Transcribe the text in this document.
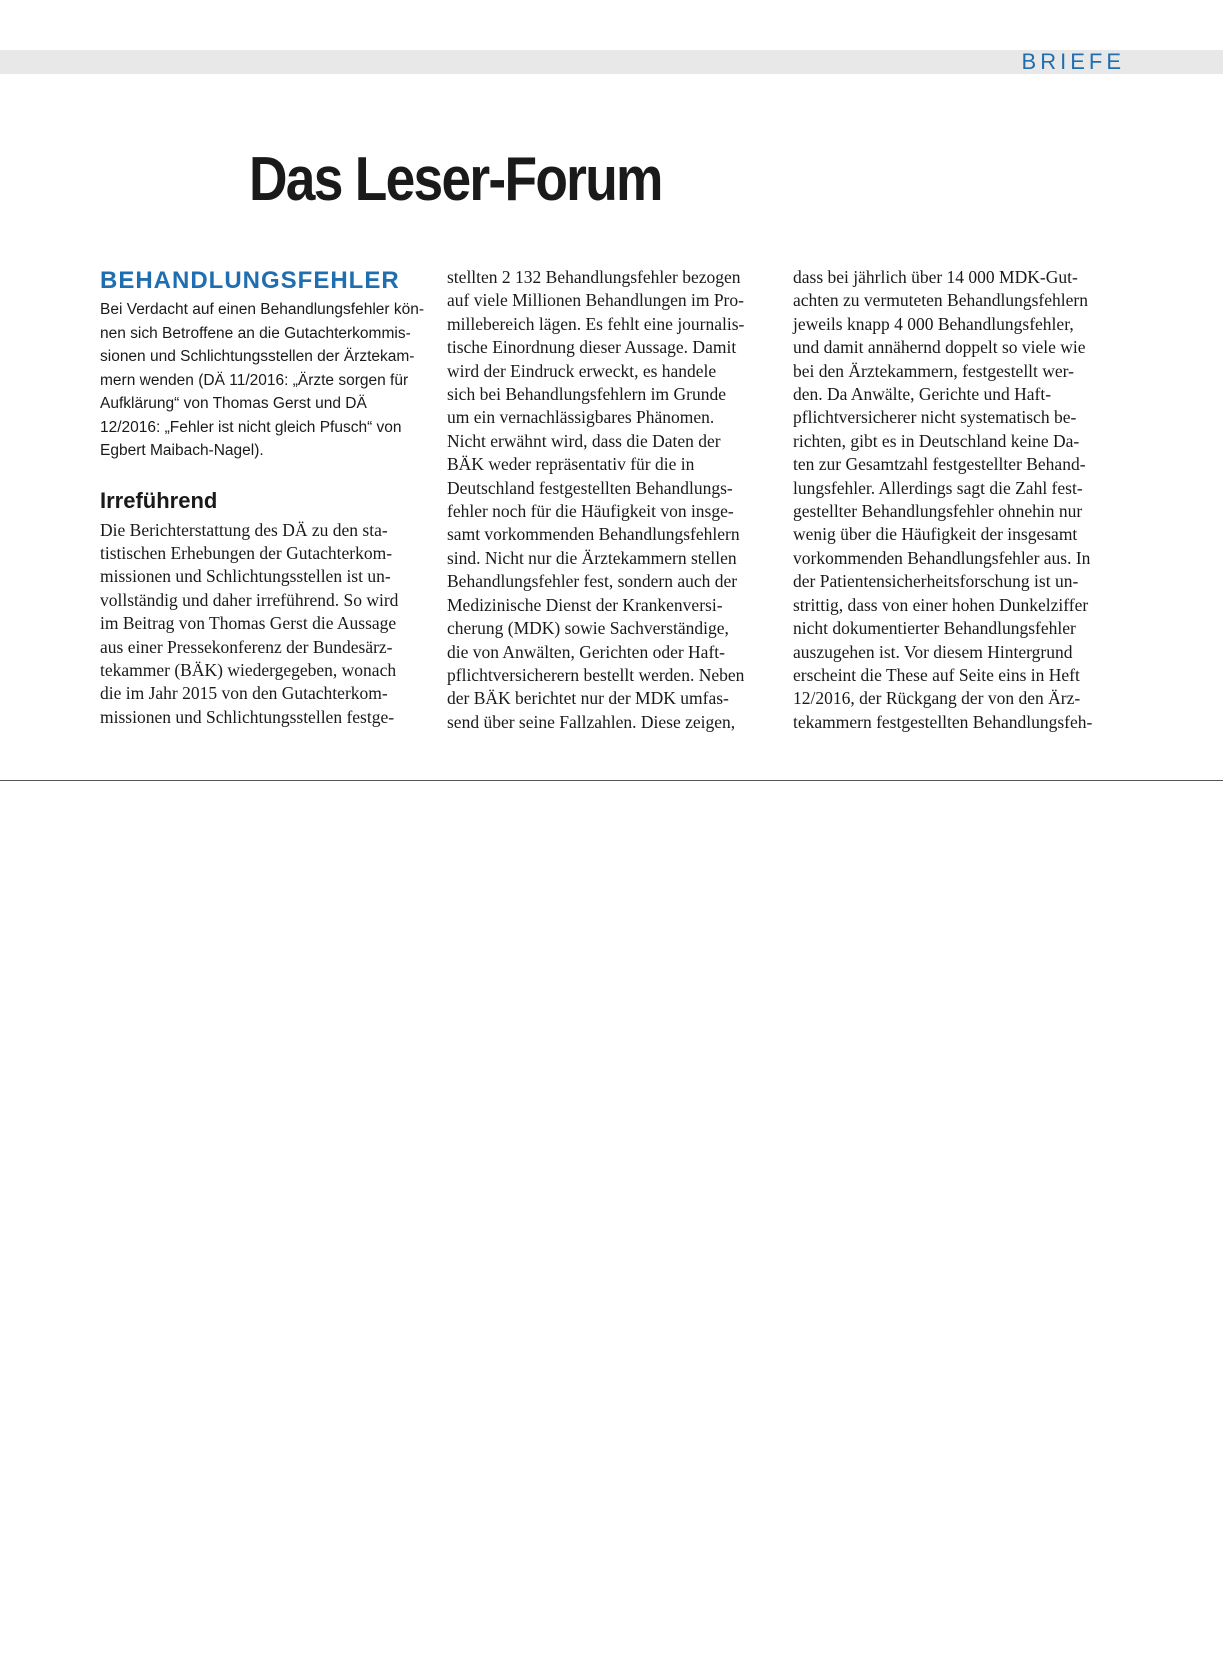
BRIEFE
Das Leser-Forum
BEHANDLUNGSFEHLER

Bei Verdacht auf einen Behandlungsfehler kön-
nen sich Betroffene an die Gutachterkommis-
sionen und Schlichtungsstellen der Ärztekam-
mern wenden (DÄ 11/2016: „Ärzte sorgen für
Aufklärung“ von Thomas Gerst und DÄ
12/2016: „Fehler ist nicht gleich Pfusch“ von
Egbert Maibach-Nagel).

Irreführend

Die Berichterstattung des DÄ zu den sta-
tistischen Erhebungen der Gutachterkom-
missionen und Schlichtungsstellen ist un-
vollständig und daher irreführend. So wird
im Beitrag von Thomas Gerst die Aussage
aus einer Pressekonferenz der Bundesärz-
tekammer (BÄK) wiedergegeben, wonach
die im Jahr 2015 von den Gutachterkom-
missionen und Schlichtungsstellen festge-

stellten 2 132 Behandlungsfehler bezogen
auf viele Millionen Behandlungen im Pro-
millebereich lägen. Es fehlt eine journalis-
tische Einordnung dieser Aussage. Damit
wird der Eindruck erweckt, es handele
sich bei Behandlungsfehlern im Grunde
um ein vernachlässigbares Phänomen.
Nicht erwähnt wird, dass die Daten der
BÄK weder repräsentativ für die in
Deutschland festgestellten Behandlungs-
fehler noch für die Häufigkeit von insge-
samt vorkommenden Behandlungsfehlern
sind. Nicht nur die Ärztekammern stellen
Behandlungsfehler fest, sondern auch der
Medizinische Dienst der Krankenversi-
cherung (MDK) sowie Sachverständige,
die von Anwälten, Gerichten oder Haft-
pflichtversicherern bestellt werden. Neben
der BÄK berichtet nur der MDK umfas-
send über seine Fallzahlen. Diese zeigen,

dass bei jährlich über 14 000 MDK-Gut-
achten zu vermuteten Behandlungsfehlern
jeweils knapp 4 000 Behandlungsfehler,
und damit annähernd doppelt so viele wie
bei den Ärztekammern, festgestellt wer-
den. Da Anwälte, Gerichte und Haft-
pflichtversicherer nicht systematisch be-
richten, gibt es in Deutschland keine Da-
ten zur Gesamtzahl festgestellter Behand-
lungsfehler. Allerdings sagt die Zahl fest-
gestellter Behandlungsfehler ohnehin nur
wenig über die Häufigkeit der insgesamt
vorkommenden Behandlungsfehler aus. In
der Patientensicherheitsforschung ist un-
strittig, dass von einer hohen Dunkelziffer
nicht dokumentierter Behandlungsfehler
auszugehen ist. Vor diesem Hintergrund
erscheint die These auf Seite eins in Heft
12/2016, der Rückgang der von den Ärz-
tekammern festgestellten Behandlungsfeh-
